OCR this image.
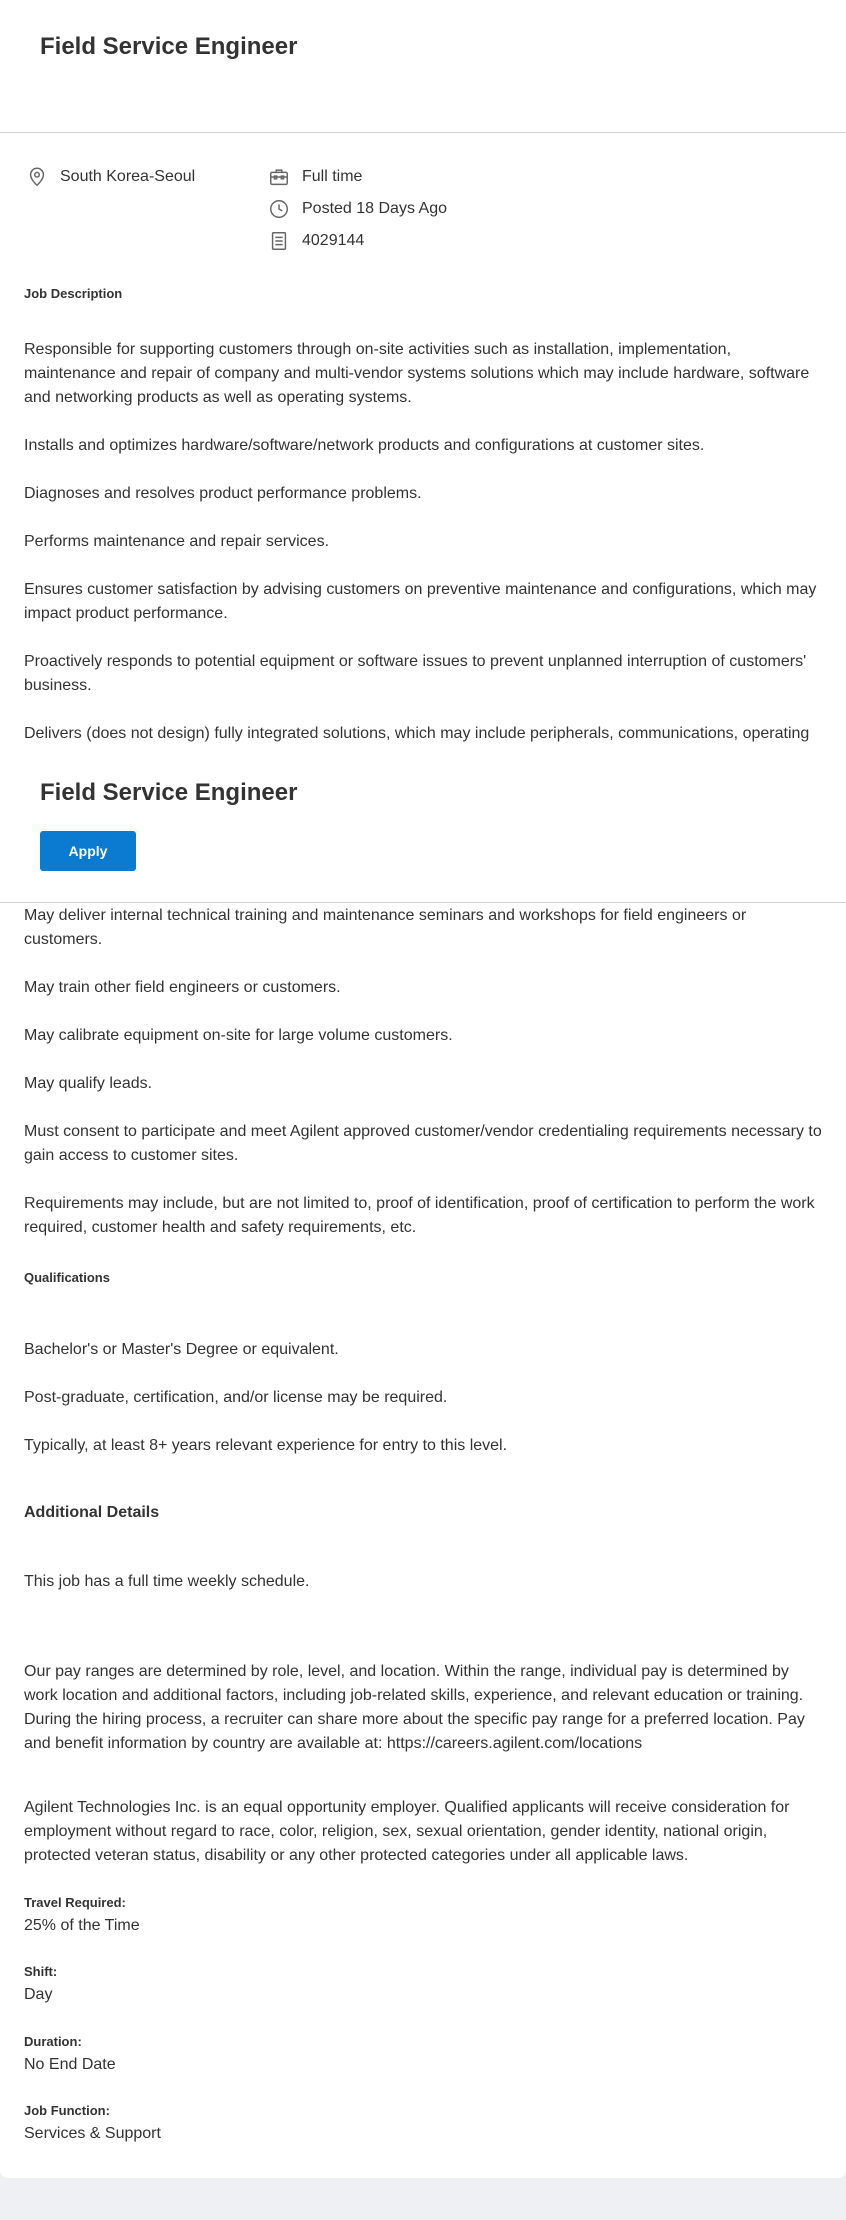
Field Service Engineer
South Korea-Seoul	Full time
Posted 18 Days Ago
4029144
Job Description

Responsible for supporting customers through on-site activities such as installation, implementation, maintenance and repair of company and multi-vendor systems solutions which may include hardware, software and networking products as well as operating systems.

Installs and optimizes hardware/software/network products and configurations at customer sites.

Diagnoses and resolves product performance problems.

Performs maintenance and repair services.

Ensures customer satisfaction by advising customers on preventive maintenance and configurations, which may impact product performance.

Proactively responds to potential equipment or software issues to prevent unplanned interruption of customers' business.

Delivers (does not design) fully integrated solutions, which may include peripherals, communications, operating

Field Service Engineer
Apply

May deliver internal technical training and maintenance seminars and workshops for field engineers or customers.

May train other field engineers or customers.

May calibrate equipment on-site for large volume customers.

May qualify leads.

Must consent to participate and meet Agilent approved customer/vendor credentialing requirements necessary to gain access to customer sites.

Requirements may include, but are not limited to, proof of identification, proof of certification to perform the work required, customer health and safety requirements, etc.

Qualifications

Bachelor's or Master's Degree or equivalent.

Post-graduate, certification, and/or license may be required.

Typically, at least 8+ years relevant experience for entry to this level.

Additional Details
This job has a full time weekly schedule.
Our pay ranges are determined by role, level, and location. Within the range, individual pay is determined by work location and additional factors, including job-related skills, experience, and relevant education or training. During the hiring process, a recruiter can share more about the specific pay range for a preferred location. Pay and benefit information by country are available at: https://careers.agilent.com/locations
Agilent Technologies Inc. is an equal opportunity employer. Qualified applicants will receive consideration for employment without regard to race, color, religion, sex, sexual orientation, gender identity, national origin, protected veteran status, disability or any other protected categories under all applicable laws.
Travel Required:
25% of the Time
Shift:
Day
Duration:
No End Date
Job Function:
Services & Support
